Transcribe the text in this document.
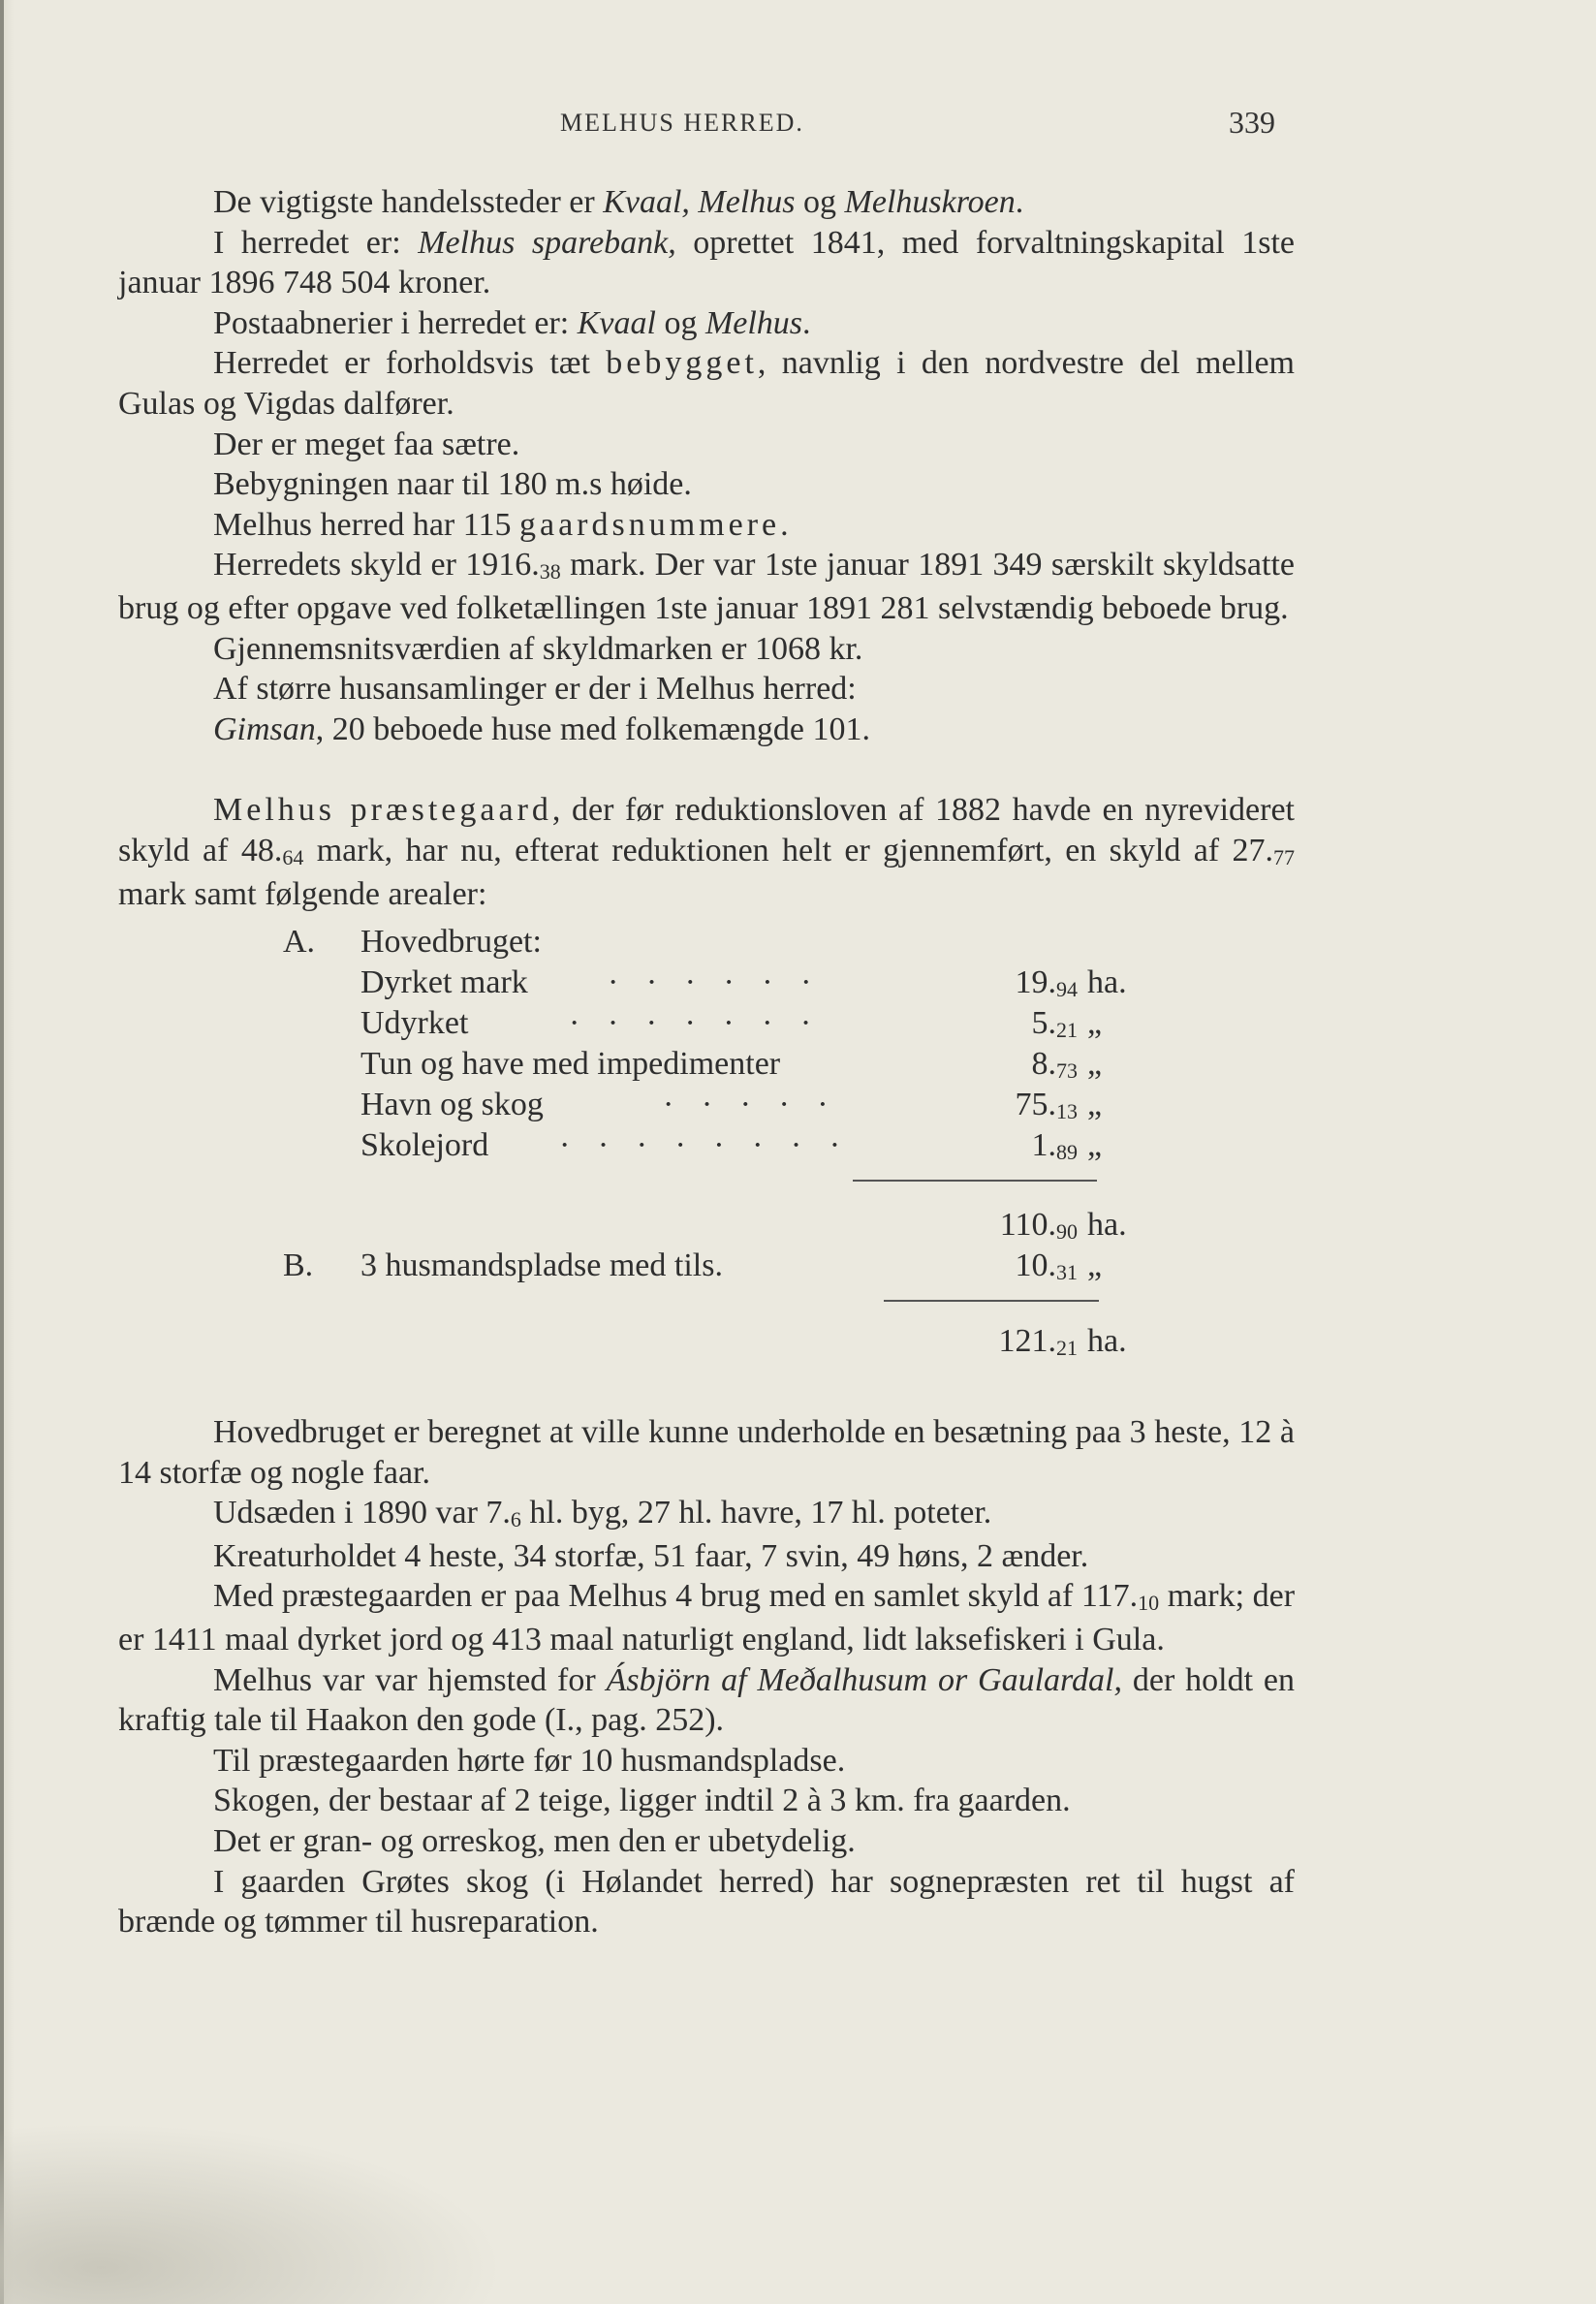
MELHUS HERRED.	339

De vigtigste handelssteder er Kvaal, Melhus og Melhuskroen.

I herredet er: Melhus sparebank, oprettet 1841, med forvaltningskapital 1ste januar 1896 748 504 kroner.

Postaabnerier i herredet er: Kvaal og Melhus.

Herredet er forholdsvis tæt bebygget, navnlig i den nordvestre del mellem Gulas og Vigdas dalfører.

Der er meget faa sætre.

Bebygningen naar til 180 m.s høide.

Melhus herred har 115 gaardsnummere.

Herredets skyld er $1916._{38}$ mark. Der var 1ste januar 1891 349 særskilt skyldsatte brug og efter opgave ved folketællingen 1ste januar 1891 281 selvstændig beboede brug.

Gjennemsnitsværdien af skyldmarken er 1068 kr.

Af større husansamlinger er der i Melhus herred:

Gimsan, 20 beboede huse med folkemængde 101.

Melhus præstegaard, der før reduktionsloven af 1882 havde en nyrevideret skyld af $48._{64}$ mark, har nu, efterat reduktionen helt er gjennemført, en skyld af $27._{77}$ mark samt følgende arealer:

A. Hovedbruget:
Dyrket mark · · · · · ·	$19._{94}$ ha.
Udyrket	· · · · · · ·	$5._{21}$ „
Tun og have med impedimenter	$8._{73}$ „
Havn og skog	· · · · ·	$75._{13}$ „
Skolejord · · · · · · · ·	$1._{89}$ „
$110._{90}$ ha.
B. 3 husmandspladse med tils.	$10._{31}$ „
$121._{21}$ ha.

Hovedbruget er beregnet at ville kunne underholde en besætning paa 3 heste, 12 à 14 storfæ og nogle faar.

Udsæden i 1890 var $7._6$ hl. byg, 27 hl. havre, 17 hl. poteter.

Kreaturholdet 4 heste, 34 storfæ, 51 faar, 7 svin, 49 høns, 2 ænder.

Med præstegaarden er paa Melhus 4 brug med en samlet skyld af $117._{10}$ mark; der er 1411 maal dyrket jord og 413 maal naturligt england, lidt laksefiskeri i Gula.

Melhus var var hjemsted for Ásbjörn af Meðalhusum or Gaulardal, der holdt en kraftig tale til Haakon den gode (I., pag. 252).

Til præstegaarden hørte før 10 husmandspladse.

Skogen, der bestaar af 2 teige, ligger indtil 2 à 3 km. fra gaarden.

Det er gran- og orreskog, men den er ubetydelig.

I gaarden Grøtes skog (i Hølandet herred) har sognepræsten ret til hugst af brænde og tømmer til husreparation.
